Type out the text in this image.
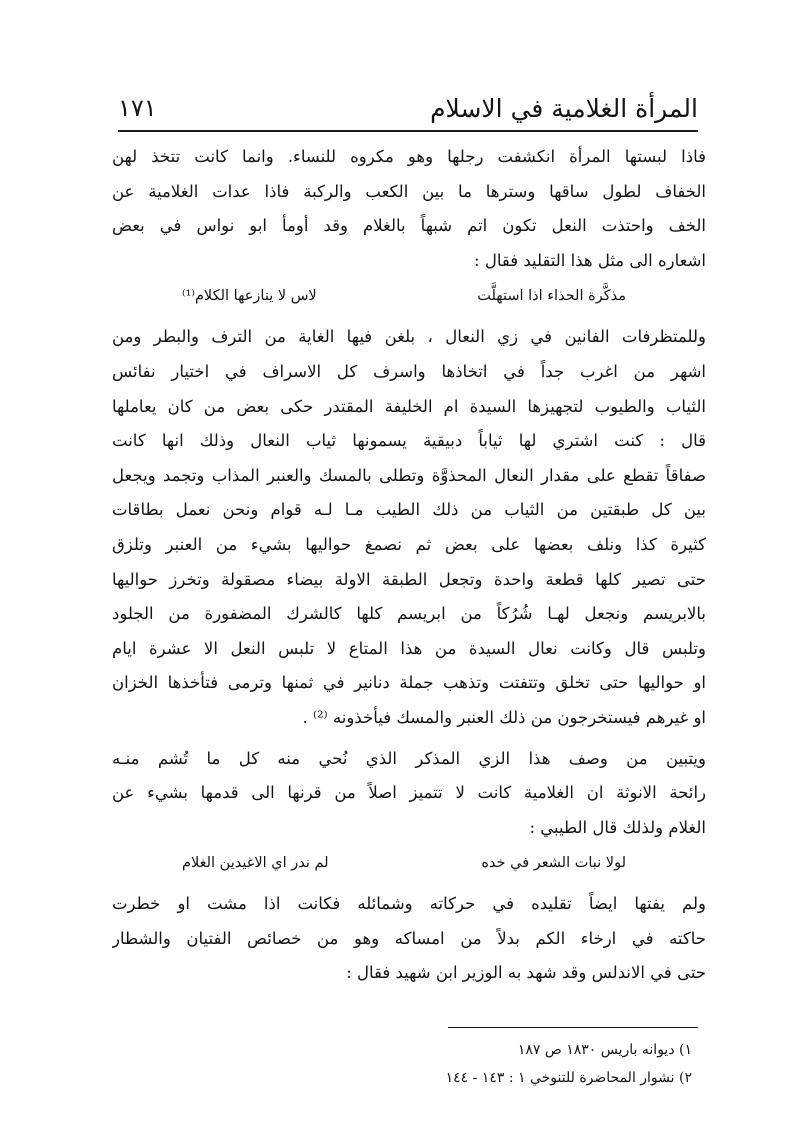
المرأة الغلامية في الاسلام
١٧١
فاذا لبستها المرأة انكشفت رجلها وهو مكروه للنساء. وانما كانت تتخذ لهن
الخفاف لطول ساقها وسترها ما بين الكعب والركبة فاذا عدات الغلامية عن
الخف واحتذت النعل تكون اتم شبهاً بالغلام وقد أومأ ابو نواس في بعض
اشعاره الى مثل هذا التقليد فقال :
مذكَّرة الحذاء اذا استهلَّت
لاس لا ينازعها الكلام⁽¹⁾
وللمتظرفات الفانين في زي النعال ، بلغن فيها الغاية من الترف والبطر ومن
اشهر من اغرب جداً في اتخاذها واسرف كل الاسراف في اختيار نفائس
الثياب والطيوب لتجهيزها السيدة ام الخليفة المقتدر حكى بعض من كان يعاملها
قال : كنت اشتري لها ثياباً دبيقية يسمونها ثياب النعال وذلك انها كانت
صفاقاً تقطع على مقدار النعال المحذوَّة وتطلى بالمسك والعنبر المذاب وتجمد ويجعل
بين كل طبقتين من الثياب من ذلك الطيب مـا لـه قوام ونحن نعمل بطاقات
كثيرة كذا ونلف بعضها على بعض ثم نصمغ حواليها بشيء من العنبر وتلزق
حتى تصير كلها قطعة واحدة وتجعل الطبقة الاولة بيضاء مصقولة وتخرز حواليها
بالابريسم ونجعل لهـا شُرُكاً من ابريسم كلها كالشرك المضفورة من الجلود
وتلبس قال وكانت نعال السيدة من هذا المتاع لا تلبس النعل الا عشرة ايام
او حواليها حتى تخلق وتتفتت وتذهب جملة دنانير في ثمنها وترمى فتأخذها الخزان
او غيرهم فيستخرجون من ذلك العنبر والمسك فيأخذونه ⁽²⁾ .
ويتبين من وصف هذا الزي المذكر الذي نُحي منه كل ما تُشم منـه
رائحة الانوثة ان الغلامية كانت لا تتميز اصلاً من قرنها الى قدمها بشيء عن
الغلام ولذلك قال الطيبي :
لولا نبات الشعر في خده
لم ندر اي الاغيدين الغلام
ولم يفتها ايضاً تقليده في حركاته وشمائله فكانت اذا مشت او خطرت
حاكته في ارخاء الكم بدلاً من امساكه وهو من خصائص الفتيان والشطار
حتى في الاندلس وقد شهد به الوزير ابن شهيد فقال :
١) ديوانه باريس ١٨٣٠ ص ١٨٧
٢) نشوار المحاضرة للتنوخي ١ : ١٤٣ - ١٤٤
